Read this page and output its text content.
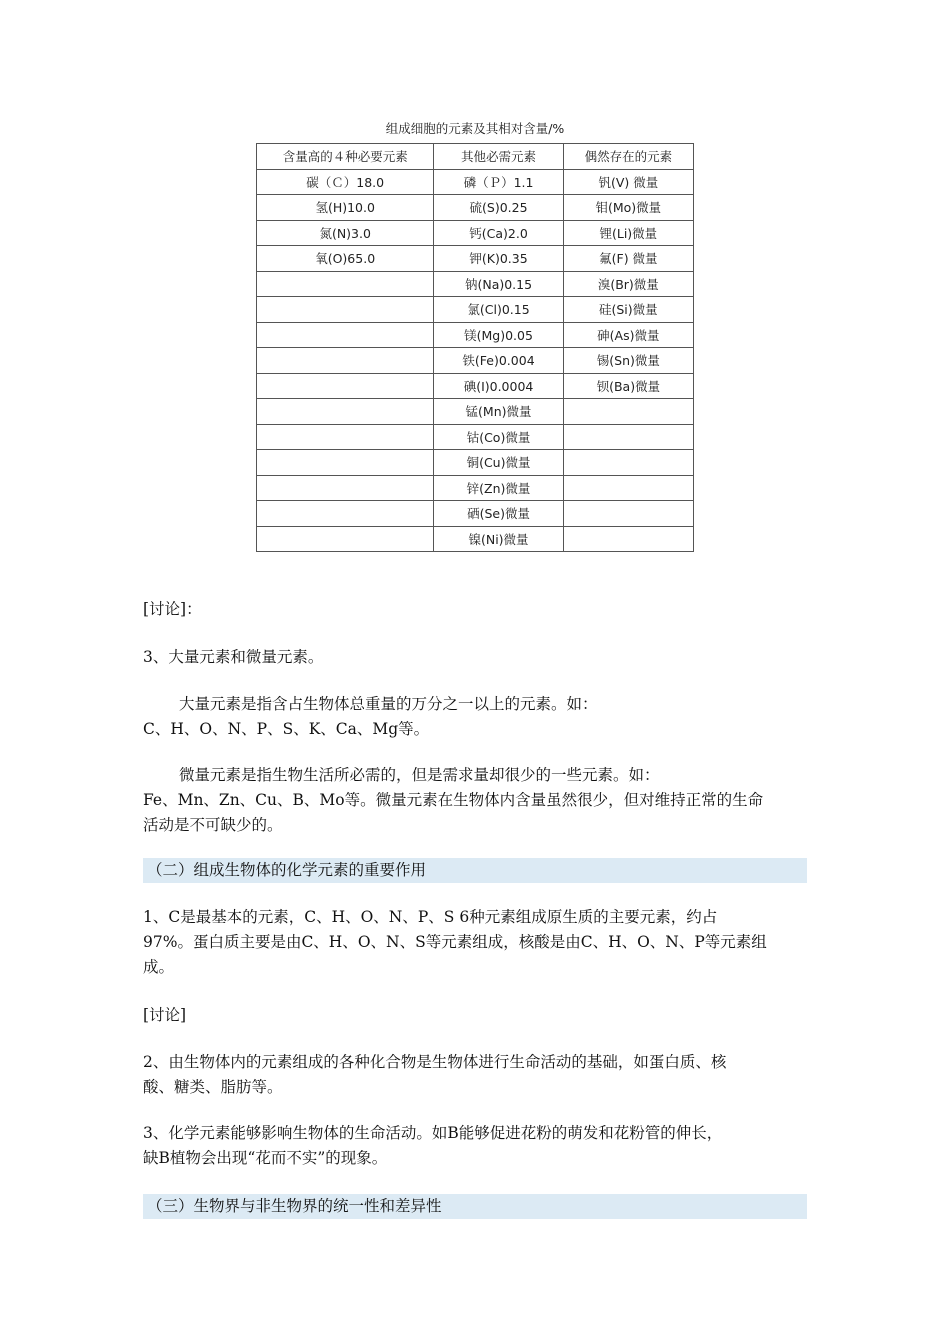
组成细胞的元素及其相对含量/%
含量高的４种必要元素	其他必需元素	偶然存在的元素
碳（Ｃ）18.0	磷（Ｐ）1.1	钒(V) 微量
氢(H)10.0	硫(S)0.25	钼(Mo)微量
氮(N)3.0	钙(Ca)2.0	锂(Li)微量
氧(O)65.0	钾(K)0.35	氟(F) 微量
	钠(Na)0.15	溴(Br)微量
	氯(Cl)0.15	硅(Si)微量
	镁(Mg)0.05	砷(As)微量
	铁(Fe)0.004	锡(Sn)微量
	碘(I)0.0004	钡(Ba)微量
	锰(Mn)微量	
	钴(Co)微量	
	铜(Cu)微量	
	锌(Zn)微量	
	硒(Se)微量	
	镍(Ni)微量	
[讨论]：
3、大量元素和微量元素。
大量元素是指含占生物体总重量的万分之一以上的元素。如：
C、H、O、N、P、S、K、Ca、Mg等。
微量元素是指生物生活所必需的，但是需求量却很少的一些元素。如：
Fe、Mn、Zn、Cu、B、Mo等。微量元素在生物体内含量虽然很少，但对维持正常的生命
活动是不可缺少的。
（二）组成生物体的化学元素的重要作用
1、C是最基本的元素，C、H、O、N、P、S 6种元素组成原生质的主要元素，约占
97%。蛋白质主要是由C、H、O、N、S等元素组成，核酸是由C、H、O、N、P等元素组
成。
[讨论]
2、由生物体内的元素组成的各种化合物是生物体进行生命活动的基础，如蛋白质、核
酸、糖类、脂肪等。
3、化学元素能够影响生物体的生命活动。如B能够促进花粉的萌发和花粉管的伸长，
缺B植物会出现“花而不实”的现象。
（三）生物界与非生物界的统一性和差异性
